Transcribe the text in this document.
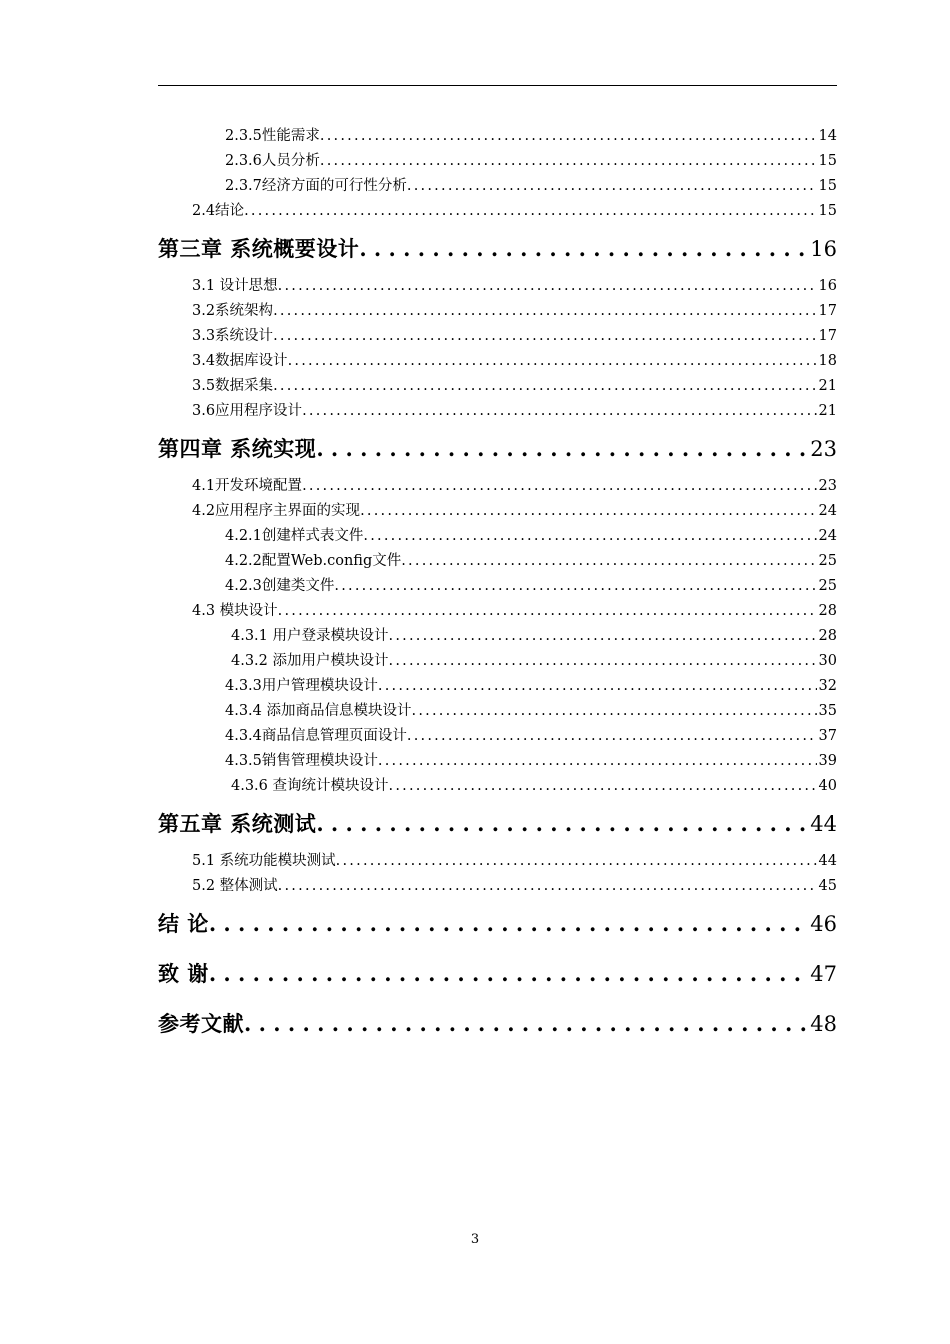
2.3.5性能需求 . . .	14
2.3.6人员分析 . . .	15
2.3.7经济方面的可行性分析 . . .	15
2.4结论 . . .	15
第三章 系统概要设计 . . .	16
3.1 设计思想 . . .	16
3.2系统架构 . . .	17
3.3系统设计 . . .	17
3.4数据库设计 . . .	18
3.5数据采集 . . .	21
3.6应用程序设计 . . .	21
第四章 系统实现 . . .	23
4.1开发环境配置 . . .	23
4.2应用程序主界面的实现 . . .	24
4.2.1创建样式表文件 . . .	24
4.2.2配置Web.config文件 . . .	25
4.2.3创建类文件 . . .	25
4.3 模块设计 . . .	28
4.3.1 用户登录模块设计 . . .	28
4.3.2 添加用户模块设计 . . .	30
4.3.3用户管理模块设计 . . .	32
4.3.4 添加商品信息模块设计 . . .	35
4.3.4商品信息管理页面设计 . . .	37
4.3.5销售管理模块设计 . . .	39
4.3.6 查询统计模块设计 . . .	40
第五章 系统测试 . . .	44
5.1 系统功能模块测试 . . .	44
5.2 整体测试 . . .	45
结 论 . . .	46
致 谢 . . .	47
参考文献 . . .	48
3
